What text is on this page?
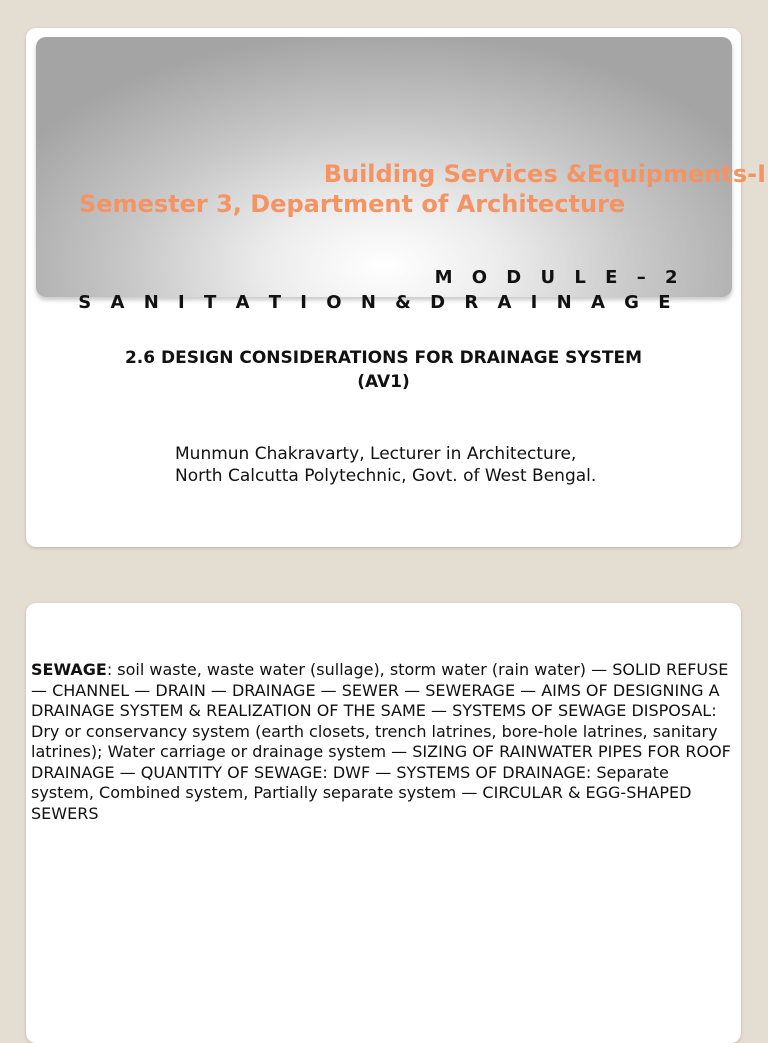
Building Services &Equipments-I

Semester 3, Department of Architecture

M O D U L E – 2

S A N I T A T I O N & D R A I N A G E

2.6 DESIGN CONSIDERATIONS FOR DRAINAGE SYSTEM
(AV1)

Munmun Chakravarty, Lecturer in Architecture,

North Calcutta Polytechnic, Govt. of West Bengal.

SEWAGE: soil waste, waste water (sullage), storm water (rain water) — SOLID REFUSE — CHANNEL — DRAIN — DRAINAGE — SEWER — SEWERAGE — AIMS OF DESIGNING A DRAINAGE SYSTEM & REALIZATION OF THE SAME — SYSTEMS OF SEWAGE DISPOSAL: Dry or conservancy system (earth closets, trench latrines, bore-hole latrines, sanitary latrines); Water carriage or drainage system — SIZING OF RAINWATER PIPES FOR ROOF DRAINAGE — QUANTITY OF SEWAGE: DWF — SYSTEMS OF DRAINAGE: Separate system, Combined system, Partially separate system — CIRCULAR & EGG-SHAPED SEWERS
